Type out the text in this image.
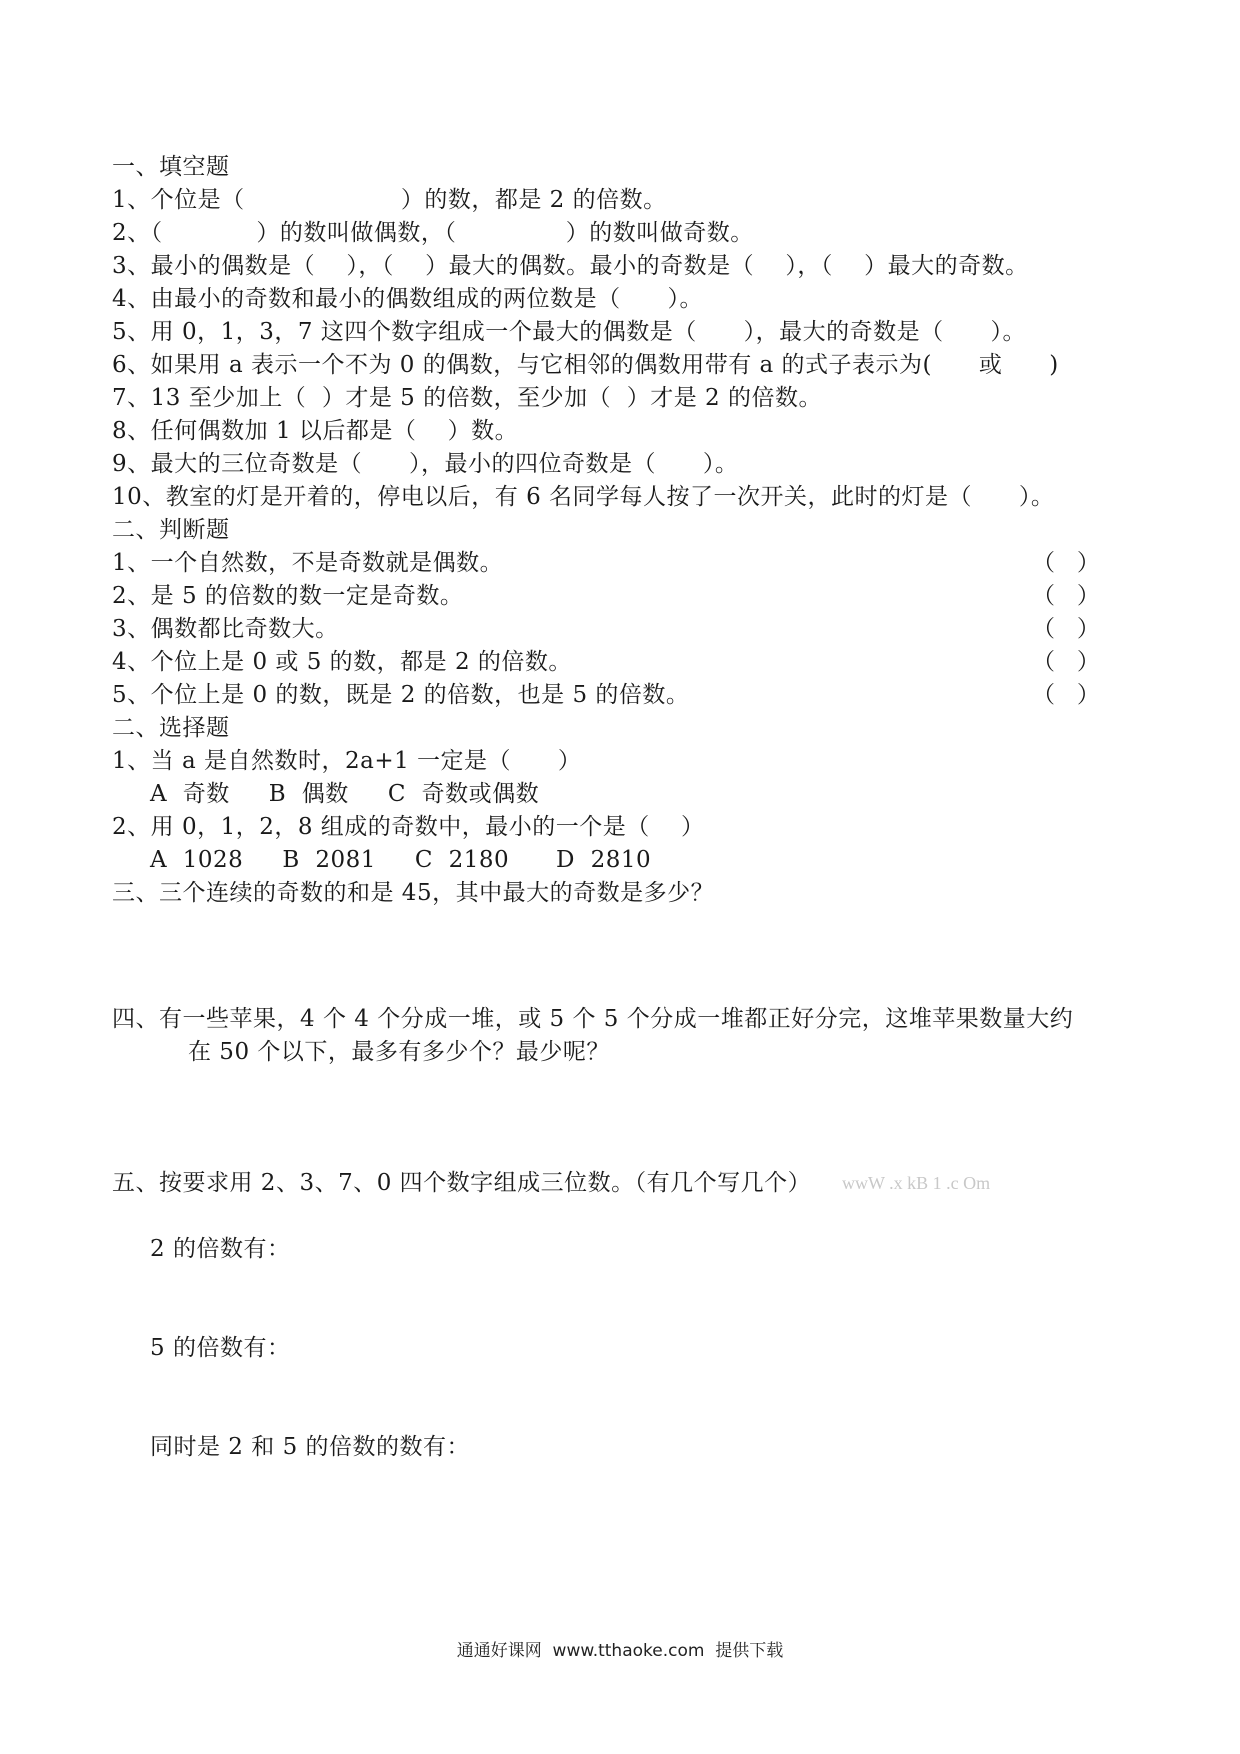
一、填空题
1、个位是（                    ）的数，都是 2 的倍数。
2、（            ）的数叫做偶数，（              ）的数叫做奇数。
3、最小的偶数是（    ），（    ）最大的偶数。最小的奇数是（    ），（    ）最大的奇数。
4、由最小的奇数和最小的偶数组成的两位数是（      ）。
5、用 0，1，3，7 这四个数字组成一个最大的偶数是（      ），最大的奇数是（      ）。
6、如果用 a 表示一个不为 0 的偶数，与它相邻的偶数用带有 a 的式子表示为(      或      )
7、13 至少加上（  ）才是 5 的倍数，至少加（  ）才是 2 的倍数。
8、任何偶数加 1 以后都是（    ）数。
9、最大的三位奇数是（      ），最小的四位奇数是（      ）。
10、教室的灯是开着的，停电以后，有 6 名同学每人按了一次开关，此时的灯是（      ）。
二、判断题
1、一个自然数，不是奇数就是偶数。	（   ）
2、是 5 的倍数的数一定是奇数。	（   ）
3、偶数都比奇数大。	（   ）
4、个位上是 0 或 5 的数，都是 2 的倍数。	（   ）
5、个位上是 0 的数，既是 2 的倍数，也是 5 的倍数。	（   ）
二、选择题
1、当 a 是自然数时，2a+1 一定是（      ）
A  奇数     B  偶数     C  奇数或偶数
2、用 0，1，2，8 组成的奇数中，最小的一个是（    ）
A  1028     B  2081     C  2180      D  2810
三、三个连续的奇数的和是 45，其中最大的奇数是多少？
四、有一些苹果，4 个 4 个分成一堆，或 5 个 5 个分成一堆都正好分完，这堆苹果数量大约
在 50 个以下，最多有多少个？最少呢？
五、按要求用 2、3、7、0 四个数字组成三位数。（有几个写几个） wwW .x kB 1 .c Om
2 的倍数有：
5 的倍数有：
同时是 2 和 5 的倍数的数有：
通通好课网  www.tthaoke.com  提供下载
